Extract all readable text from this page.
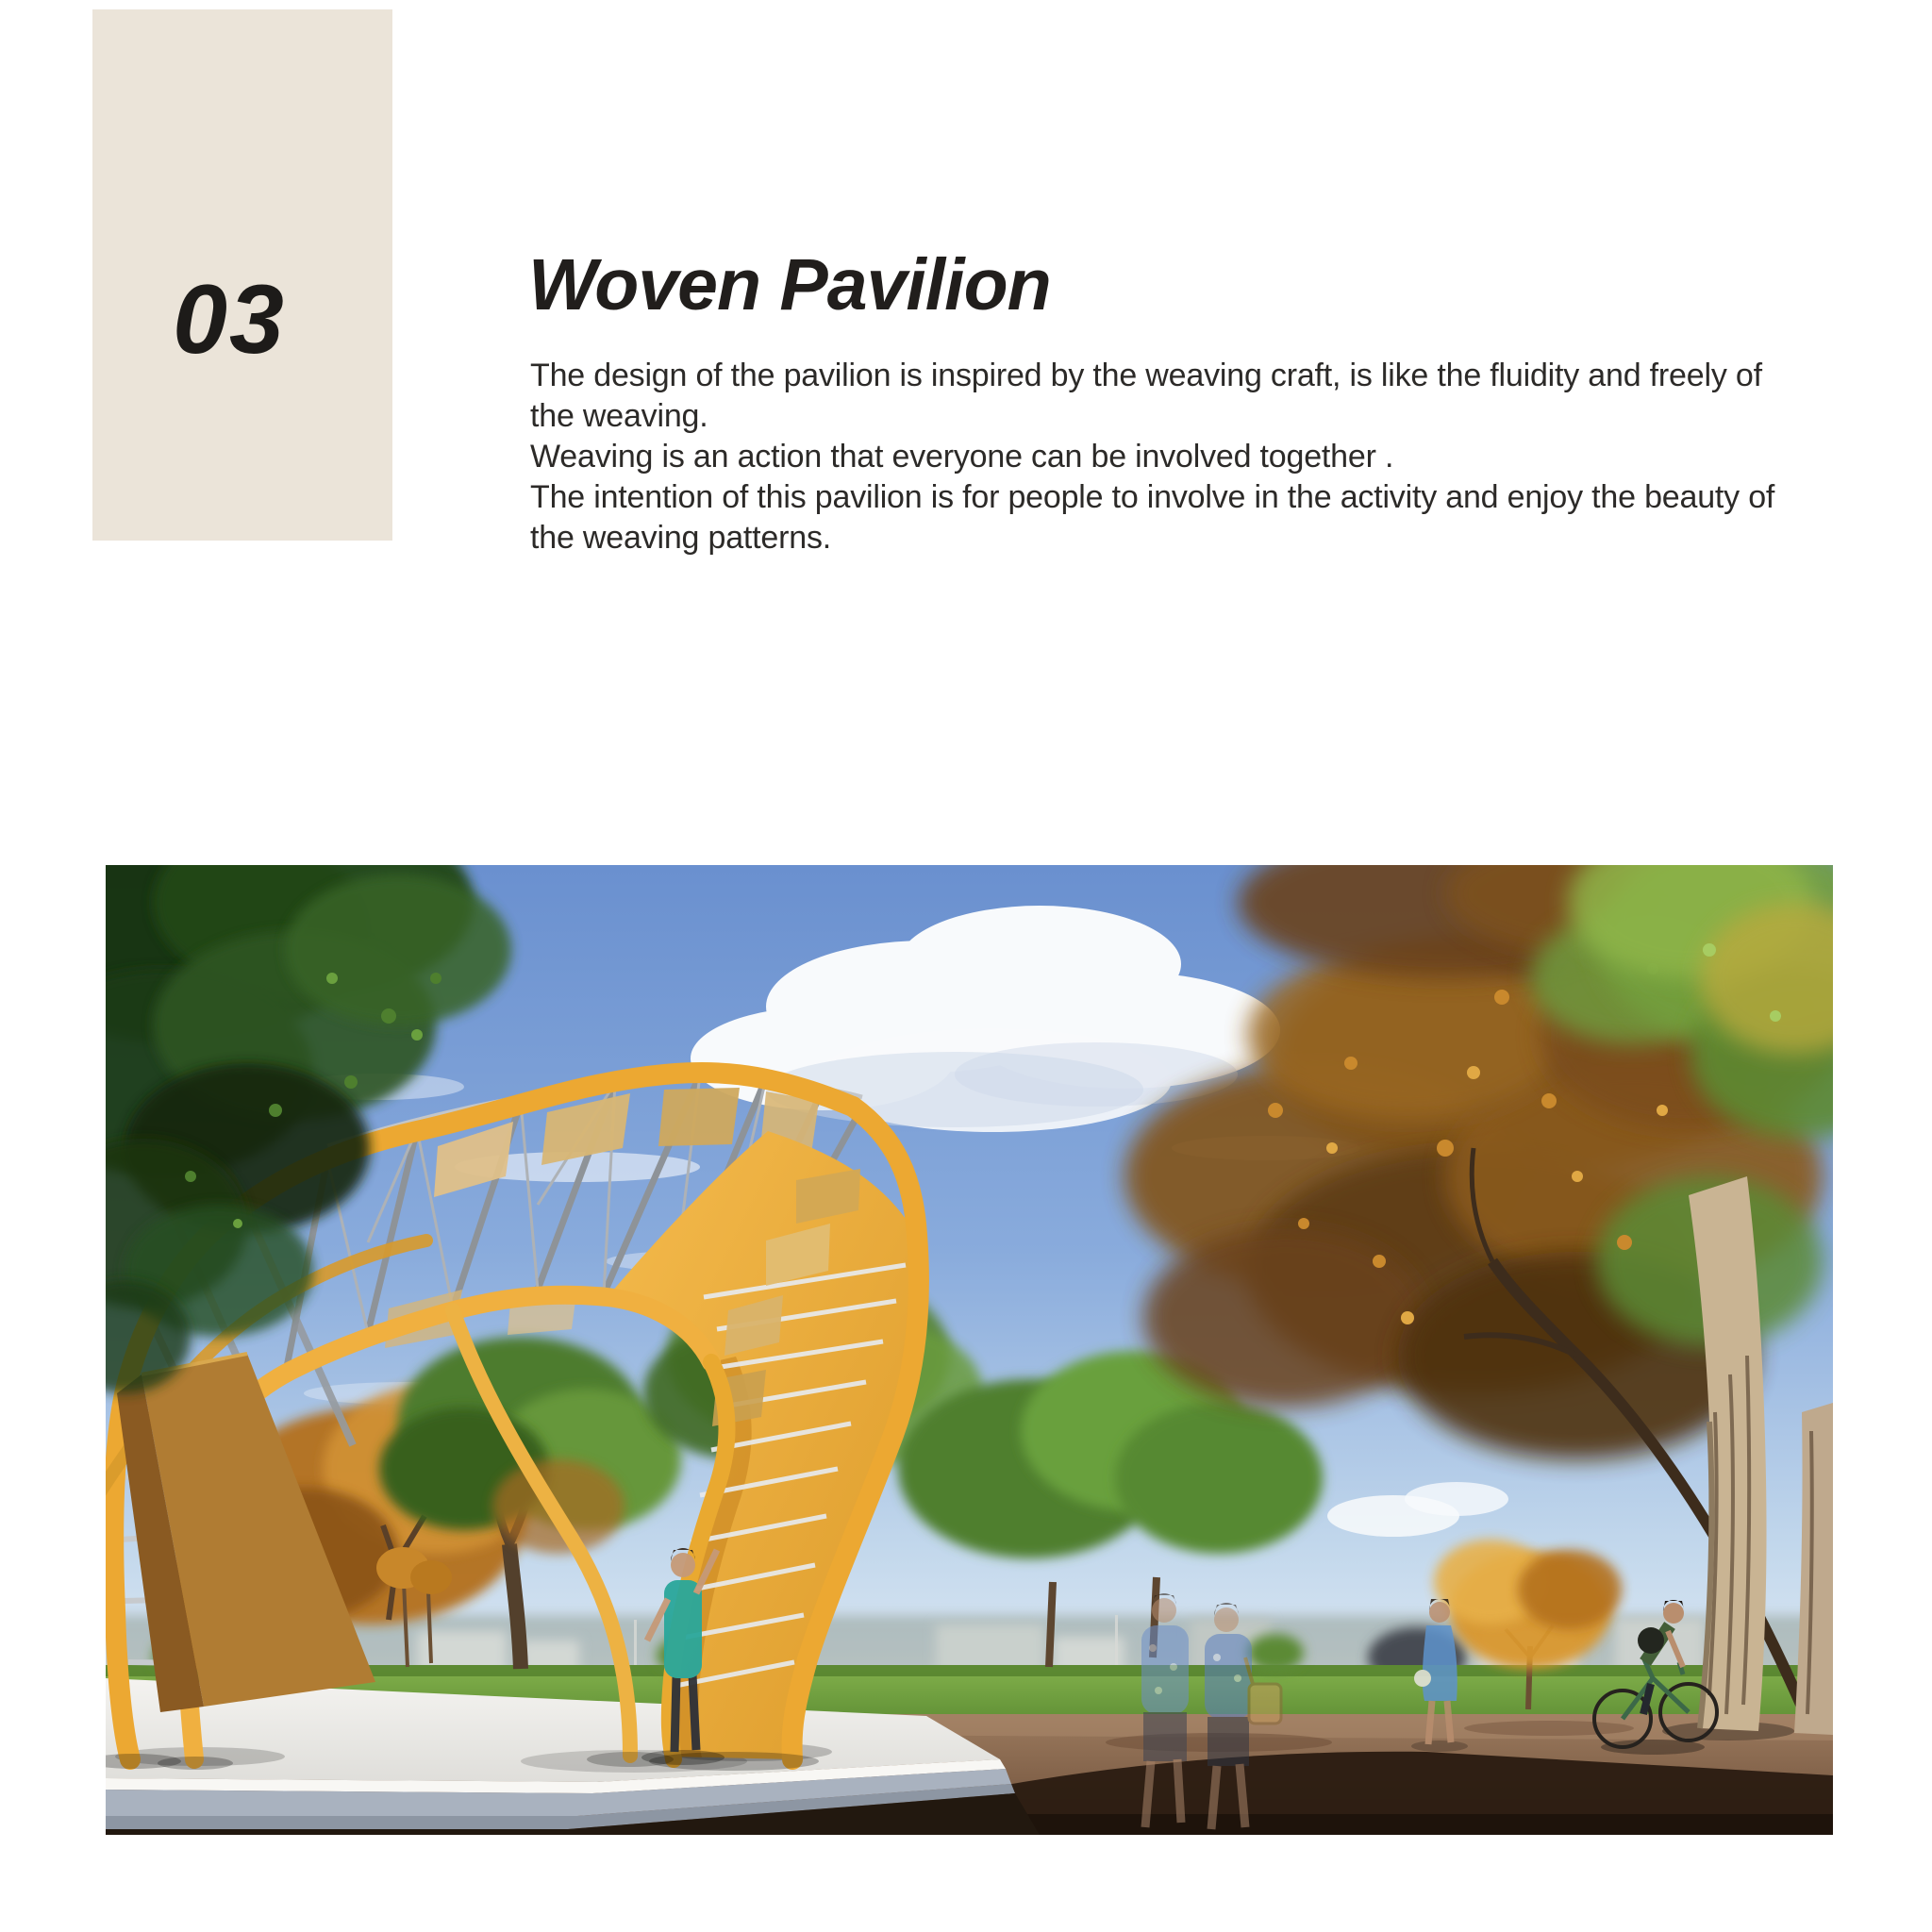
03	Woven Pavilion
The design of the pavilion is inspired by the weaving craft, is like the fluidity and freely of
the weaving.
Weaving is an action that everyone can be involved together .
The intention of this pavilion is for people to involve in the activity and enjoy the beauty of
the weaving patterns.
